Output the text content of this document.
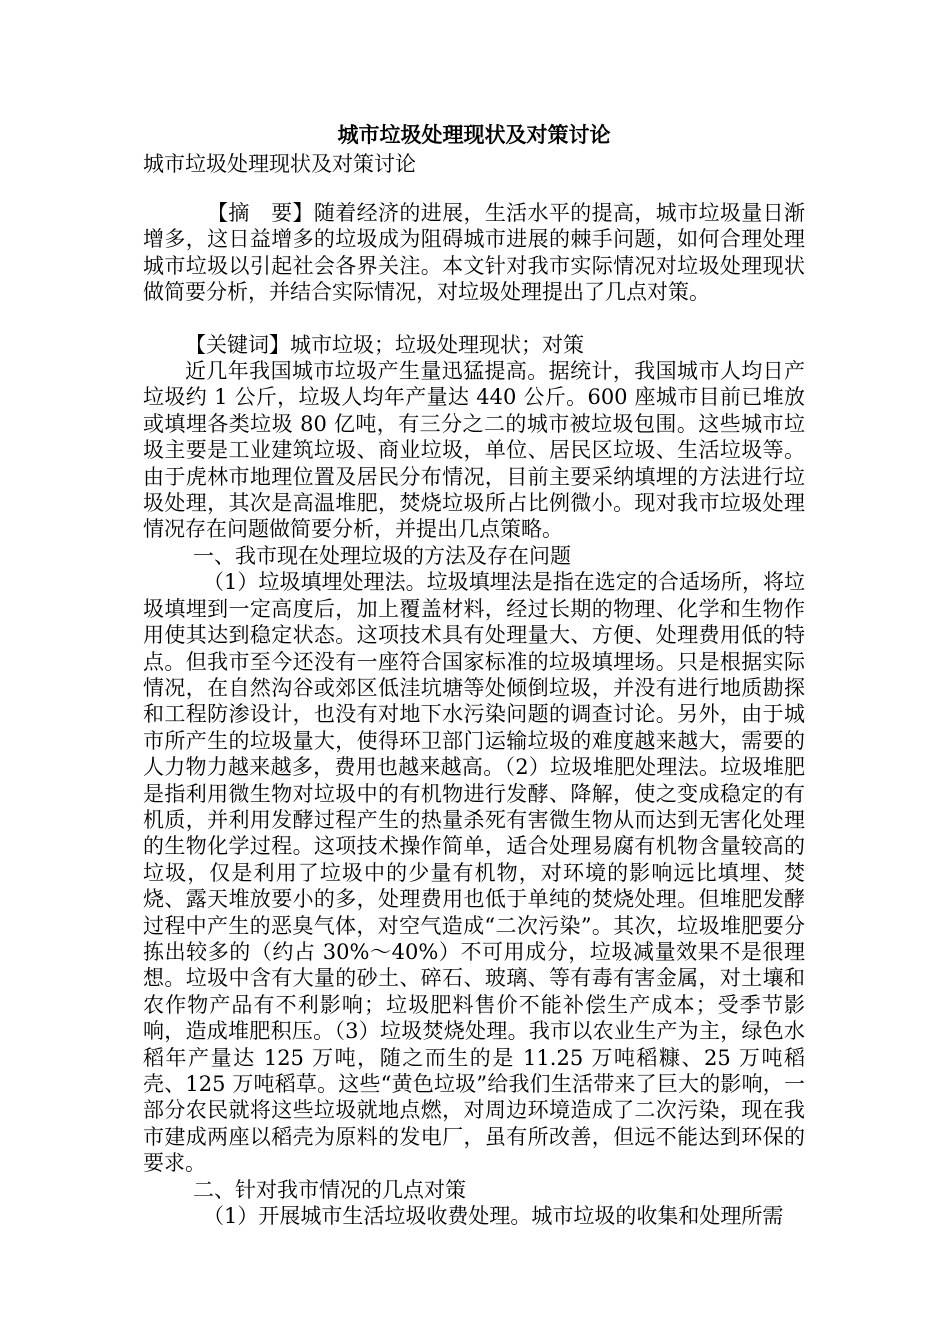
城市垃圾处理现状及对策讨论

城市垃圾处理现状及对策讨论

【摘　要】随着经济的进展，生活水平的提高，城市垃圾量日渐增多，这日益增多的垃圾成为阻碍城市进展的棘手问题，如何合理处理城市垃圾以引起社会各界关注。本文针对我市实际情况对垃圾处理现状做简要分析，并结合实际情况，对垃圾处理提出了几点对策。

【关键词】城市垃圾；垃圾处理现状；对策

近几年我国城市垃圾产生量迅猛提高。据统计，我国城市人均日产垃圾约 1 公斤，垃圾人均年产量达 440 公斤。600 座城市目前已堆放或填埋各类垃圾 80 亿吨，有三分之二的城市被垃圾包围。这些城市垃圾主要是工业建筑垃圾、商业垃圾，单位、居民区垃圾、生活垃圾等。由于虎林市地理位置及居民分布情况，目前主要采纳填埋的方法进行垃圾处理，其次是高温堆肥，焚烧垃圾所占比例微小。现对我市垃圾处理情况存在问题做简要分析，并提出几点策略。

一、我市现在处理垃圾的方法及存在问题

（1）垃圾填埋处理法。垃圾填埋法是指在选定的合适场所，将垃圾填埋到一定高度后，加上覆盖材料，经过长期的物理、化学和生物作用使其达到稳定状态。这项技术具有处理量大、方便、处理费用低的特点。但我市至今还没有一座符合国家标准的垃圾填埋场。只是根据实际情况，在自然沟谷或郊区低洼坑塘等处倾倒垃圾，并没有进行地质勘探和工程防渗设计，也没有对地下水污染问题的调查讨论。另外，由于城市所产生的垃圾量大，使得环卫部门运输垃圾的难度越来越大，需要的人力物力越来越多，费用也越来越高。（2）垃圾堆肥处理法。垃圾堆肥是指利用微生物对垃圾中的有机物进行发酵、降解，使之变成稳定的有机质，并利用发酵过程产生的热量杀死有害微生物从而达到无害化处理的生物化学过程。这项技术操作简单，适合处理易腐有机物含量较高的垃圾，仅是利用了垃圾中的少量有机物，对环境的影响远比填埋、焚烧、露天堆放要小的多，处理费用也低于单纯的焚烧处理。但堆肥发酵过程中产生的恶臭气体，对空气造成“二次污染”。其次，垃圾堆肥要分拣出较多的（约占 30%～40%）不可用成分，垃圾减量效果不是很理想。垃圾中含有大量的砂土、碎石、玻璃、等有毒有害金属，对土壤和农作物产品有不利影响；垃圾肥料售价不能补偿生产成本；受季节影响，造成堆肥积压。（3）垃圾焚烧处理。我市以农业生产为主，绿色水稻年产量达 125 万吨，随之而生的是 11.25 万吨稻糠、25 万吨稻壳、125 万吨稻草。这些“黄色垃圾”给我们生活带来了巨大的影响，一部分农民就将这些垃圾就地点燃，对周边环境造成了二次污染，现在我市建成两座以稻壳为原料的发电厂，虽有所改善，但远不能达到环保的要求。

二、针对我市情况的几点对策

（1）开展城市生活垃圾收费处理。城市垃圾的收集和处理所需
